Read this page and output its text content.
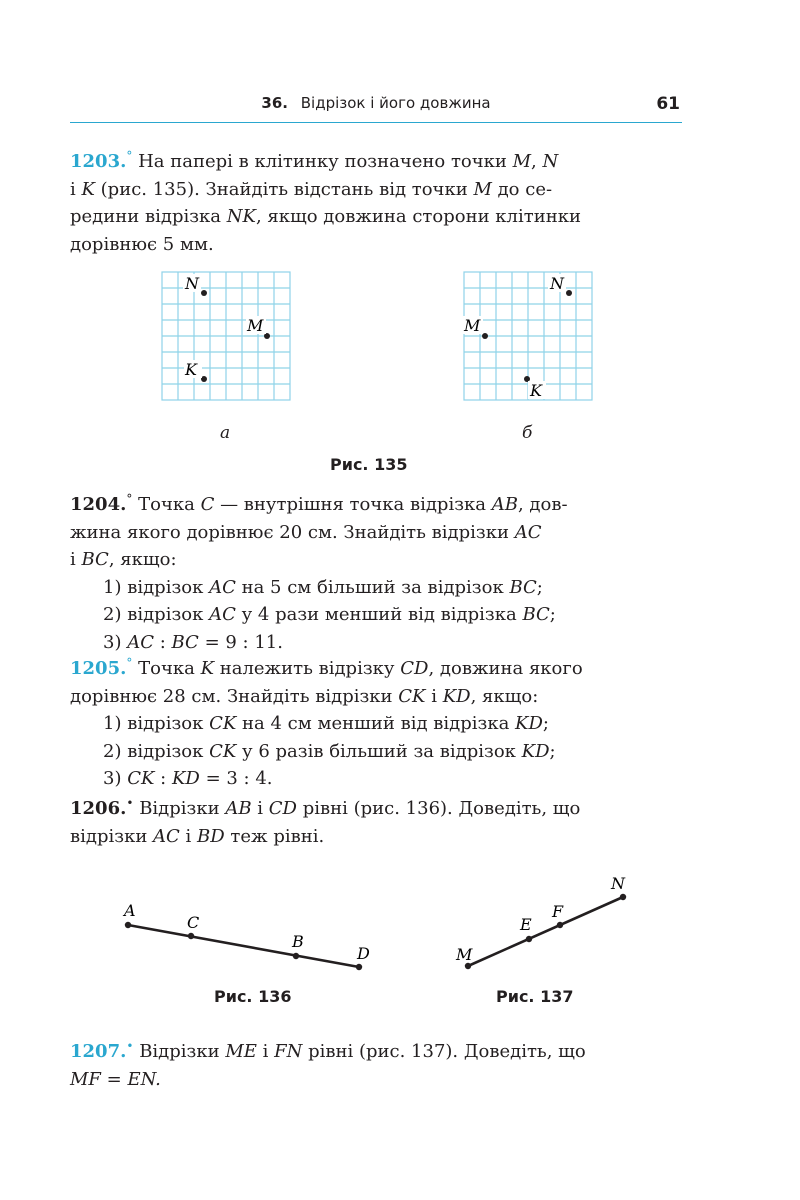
36. Відрізок і його довжина	61
1203.° На папері в клітинку позначено точки M, N
і K (рис. 135). Знайдіть відстань від точки M до се-
редини відрізка NK, якщо довжина сторони клітинки
дорівнює 5 мм.
N
M
K
N
M
K
а	б
Рис. 135
1204.° Точка C — внутрішня точка відрізка AB, дов-
жина якого дорівнює 20 см. Знайдіть відрізки AC
і BC, якщо:
1) відрізок AC на 5 см більший за відрізок BC;
2) відрізок AC у 4 рази менший від відрізка BC;
3) AC : BC = 9 : 11.
1205.° Точка K належить відрізку CD, довжина якого
дорівнює 28 см. Знайдіть відрізки CK і KD, якщо:
1) відрізок CK на 4 см менший від відрізка KD;
2) відрізок CK у 6 разів більший за відрізок KD;
3) CK : KD = 3 : 4.
1206.• Відрізки AB і CD рівні (рис. 136). Доведіть, що
відрізки AC і BD теж рівні.
A
C
B
D	M
E
F
N
Рис. 136	Рис. 137
1207.• Відрізки ME і FN рівні (рис. 137). Доведіть, що
MF = EN.
